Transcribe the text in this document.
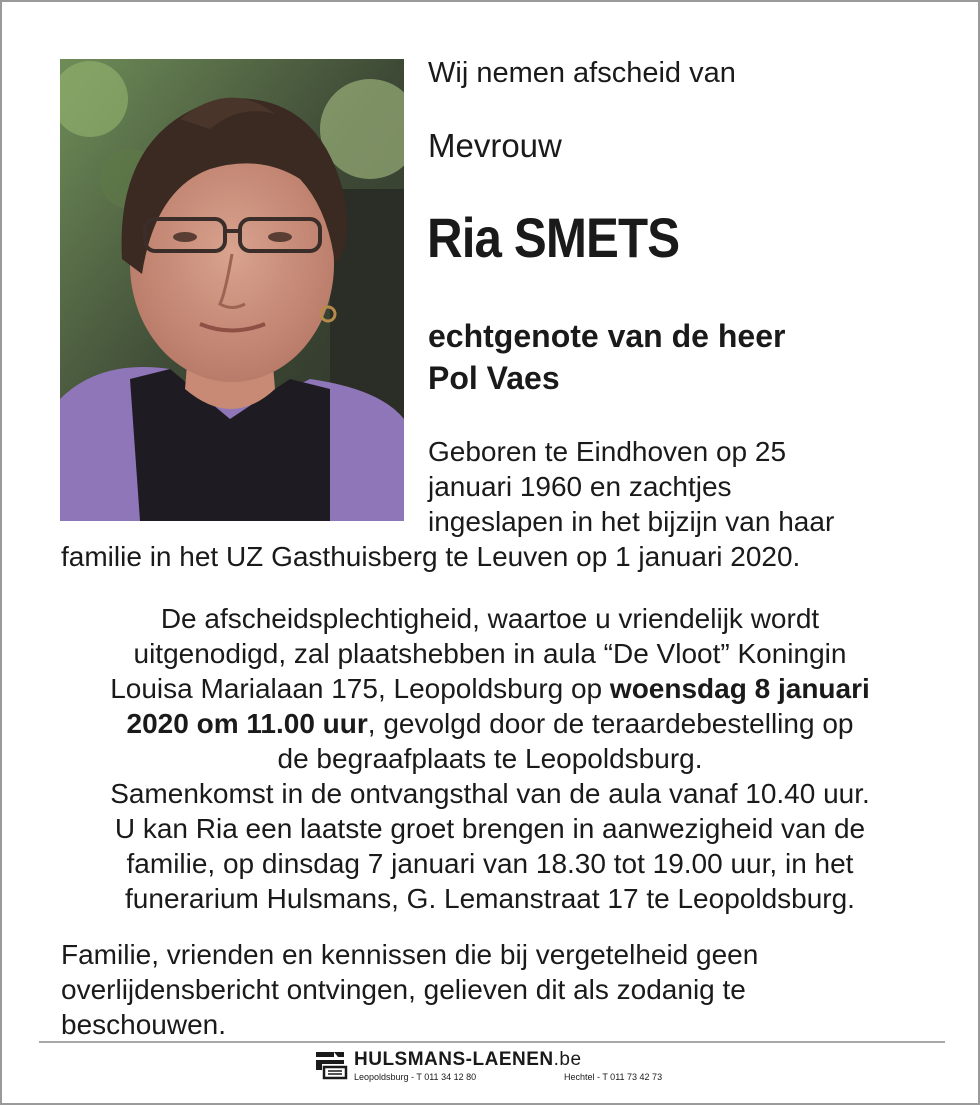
Wij nemen afscheid van
Mevrouw
Ria SMETS
echtgenote van de heer
Pol Vaes
Geboren te Eindhoven op 25
januari 1960 en zachtjes
ingeslapen in het bijzijn van haar
familie in het UZ Gasthuisberg te Leuven op 1 januari 2020.
De afscheidsplechtigheid, waartoe u vriendelijk wordt
uitgenodigd, zal plaatshebben in aula “De Vloot” Koningin
Louisa Marialaan 175, Leopoldsburg op woensdag 8 januari
2020 om 11.00 uur, gevolgd door de teraardebestelling op
de begraafplaats te Leopoldsburg.
Samenkomst in de ontvangsthal van de aula vanaf 10.40 uur.
U kan Ria een laatste groet brengen in aanwezigheid van de
familie, op dinsdag 7 januari van 18.30 tot 19.00 uur, in het
funerarium Hulsmans, G. Lemanstraat 17 te Leopoldsburg.
Familie, vrienden en kennissen die bij vergetelheid geen
overlijdensbericht ontvingen, gelieven dit als zodanig te
beschouwen.
HULSMANS-LAENEN.be
Leopoldsburg - T 011 34 12 80	Hechtel - T 011 73 42 73
